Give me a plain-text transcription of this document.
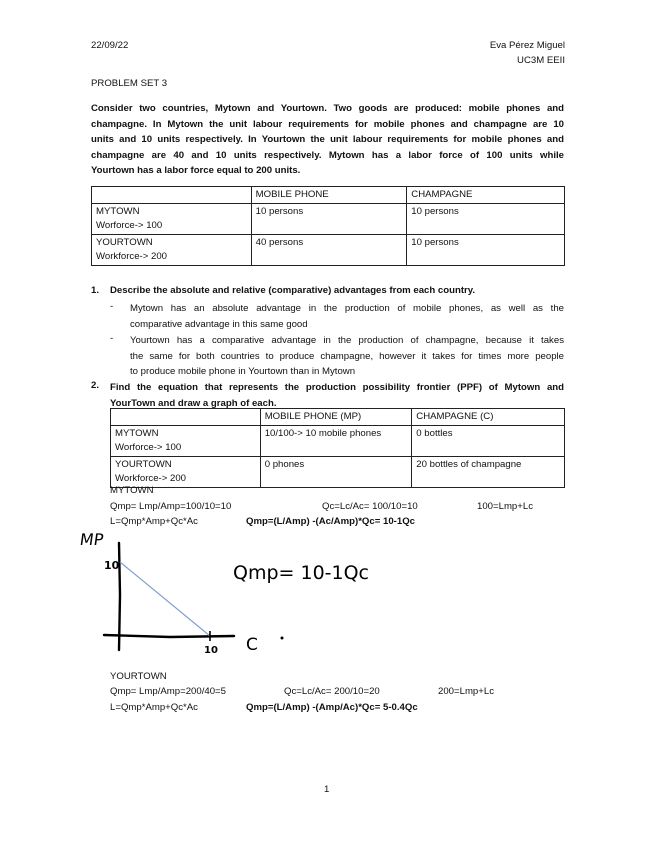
22/09/22	Eva Pérez Miguel
UC3M EEII
PROBLEM SET 3
Consider two countries, Mytown and Yourtown. Two goods are produced: mobile phones and
champagne. In Mytown the unit labour requirements for mobile phones and champagne are 10
units and 10 units respectively. In Yourtown the unit labour requirements for mobile phones and
champagne are 40 and 10 units respectively. Mytown has a labor force of 100 units while
Yourtown has a labor force equal to 200 units.
	MOBILE PHONE	CHAMPAGNE

MYTOWN
Worforce-> 100	10 persons	10 persons

YOURTOWN
Workforce-> 200	40 persons	10 persons
1. Describe the absolute and relative (comparative) advantages from each country.
- Mytown has an absolute advantage in the production of mobile phones, as well as the
comparative advantage in this same good
- Yourtown has a comparative advantage in the production of champagne, because it takes
the same for both countries to produce champagne, however it takes for times more people
to produce mobile phone in Yourtown than in Mytown
2. Find the equation that represents the production possibility frontier (PPF) of Mytown and
YourTown and draw a graph of each.
	MOBILE PHONE (MP)	CHAMPAGNE (C)

MYTOWN
Worforce-> 100	10/100-> 10 mobile phones	0 bottles

YOURTOWN
Workforce-> 200	0 phones	20 bottles of champagne
MYTOWN
Qmp= Lmp/Amp=100/10=10	Qc=Lc/Ac= 100/10=10	100=Lmp+Lc
L=Qmp*Amp+Qc*Ac	Qmp=(L/Amp) -(Ac/Amp)*Qc= 10-1Qc
MP
10
10 C
Qmp= 10-1Qc
YOURTOWN
Qmp= Lmp/Amp=200/40=5	Qc=Lc/Ac= 200/10=20	200=Lmp+Lc
L=Qmp*Amp+Qc*Ac	Qmp=(L/Amp) -(Amp/Ac)*Qc= 5-0.4Qc
1
